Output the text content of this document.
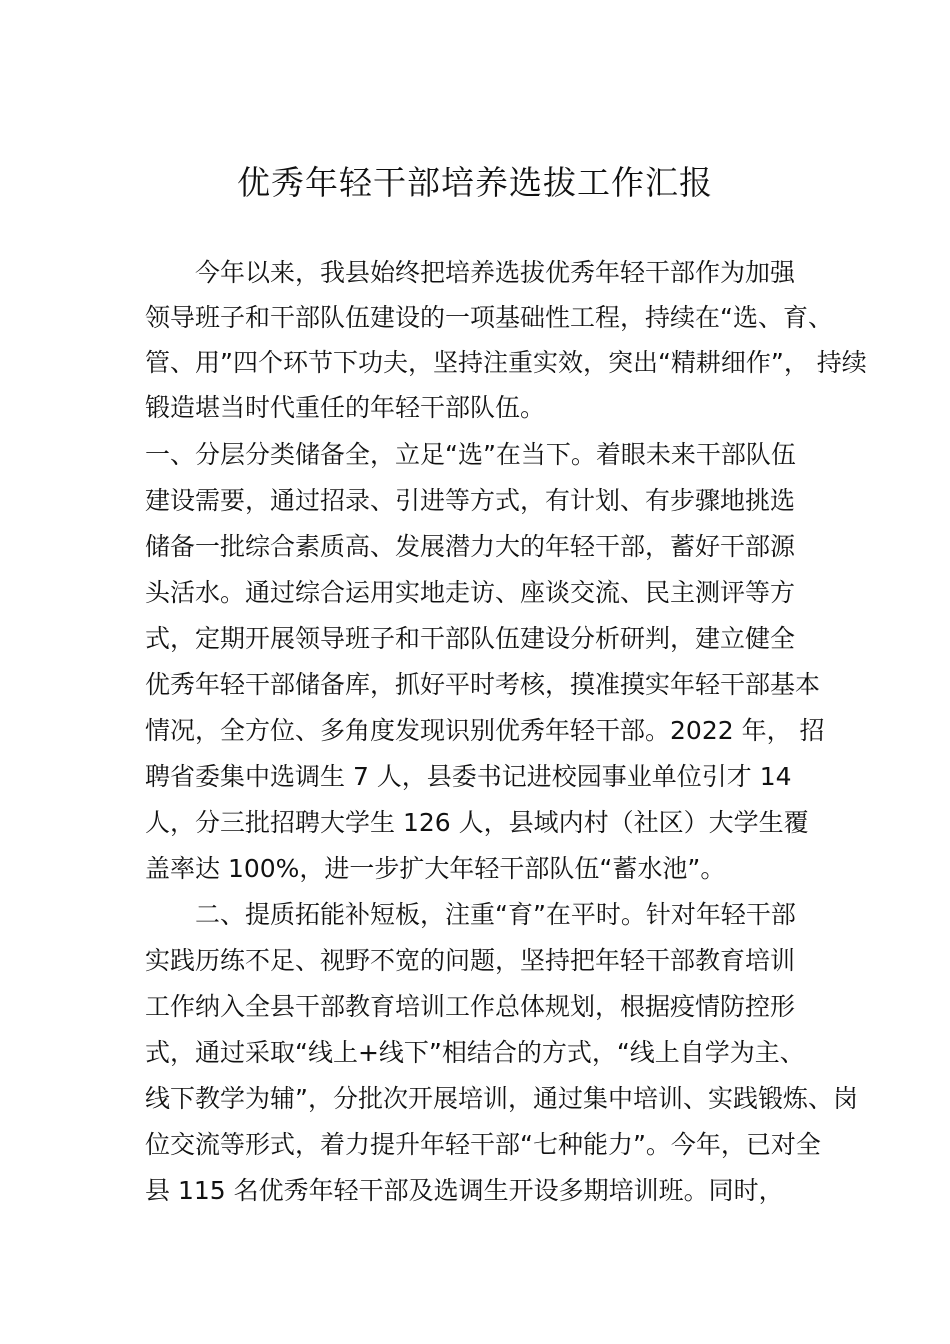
优秀年轻干部培养选拔工作汇报

今年以来，我县始终把培养选拔优秀年轻干部作为加强

领导班子和干部队伍建设的一项基础性工程，持续在“选、育、

管、用”四个环节下功夫，坚持注重实效，突出“精耕细作”， 持续

锻造堪当时代重任的年轻干部队伍。

一、分层分类储备全，立足“选”在当下。着眼未来干部队伍

建设需要，通过招录、引进等方式，有计划、有步骤地挑选

储备一批综合素质高、发展潜力大的年轻干部，蓄好干部源

头活水。通过综合运用实地走访、座谈交流、民主测评等方

式，定期开展领导班子和干部队伍建设分析研判，建立健全

优秀年轻干部储备库，抓好平时考核，摸准摸实年轻干部基本

情况，全方位、多角度发现识别优秀年轻干部。2022 年， 招

聘省委集中选调生 7 人，县委书记进校园事业单位引才 14

人，分三批招聘大学生 126 人，县域内村（社区）大学生覆

盖率达 100%，进一步扩大年轻干部队伍“蓄水池”。

二、提质拓能补短板，注重“育”在平时。针对年轻干部

实践历练不足、视野不宽的问题，坚持把年轻干部教育培训

工作纳入全县干部教育培训工作总体规划，根据疫情防控形

式，通过采取“线上+线下”相结合的方式，“线上自学为主、

线下教学为辅”，分批次开展培训，通过集中培训、实践锻炼、岗

位交流等形式，着力提升年轻干部“七种能力”。今年，已对全

县 115 名优秀年轻干部及选调生开设多期培训班。同时，
